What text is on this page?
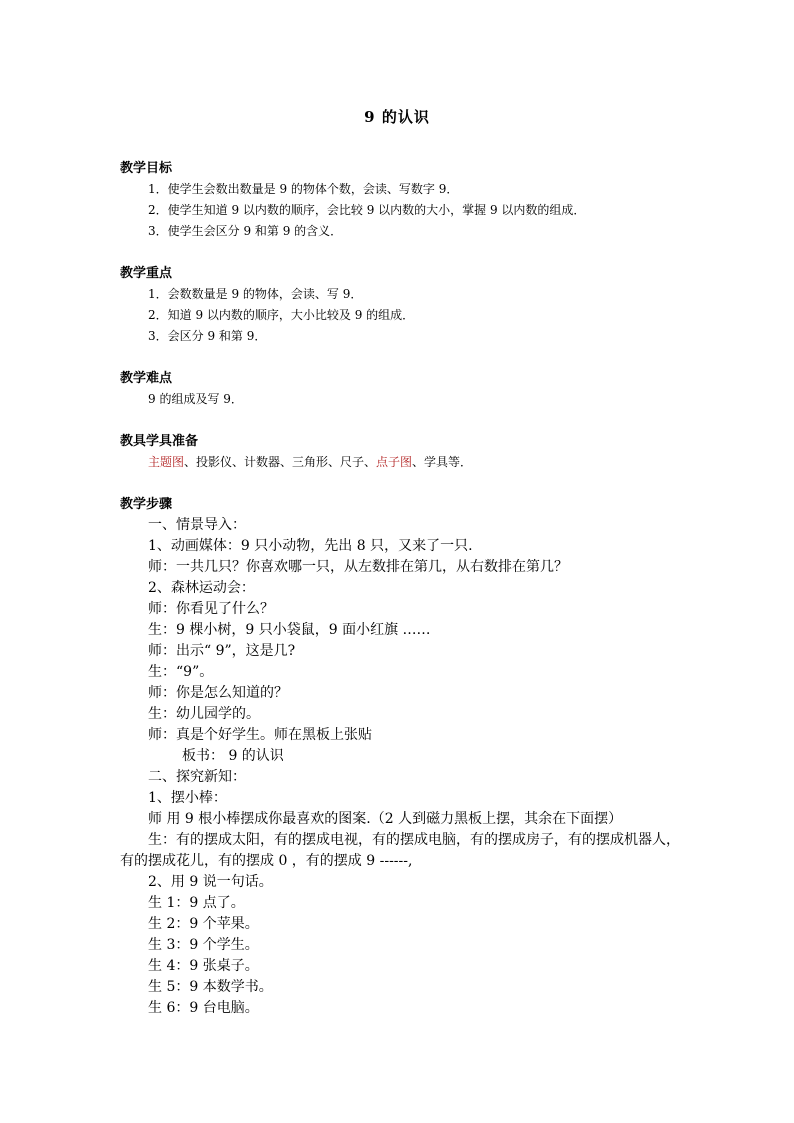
9 的认识
教学目标
1．使学生会数出数量是 9 的物体个数，会读、写数字 9．
2．使学生知道 9 以内数的顺序，会比较 9 以内数的大小，掌握 9 以内数的组成．
3．使学生会区分 9 和第 9 的含义．
教学重点
1．会数数量是 9 的物体，会读、写 9．
2．知道 9 以内数的顺序，大小比较及 9 的组成．
3．会区分 9 和第 9．
教学难点
9 的组成及写 9．
教具学具准备
主题图、投影仪、计数器、三角形、尺子、点子图、学具等．
教学步骤
一、情景导入：
1、动画媒体：9 只小动物，先出 8 只，又来了一只.
师：一共几只？你喜欢哪一只，从左数排在第几，从右数排在第几？
2、森林运动会：
师：你看见了什么？
生：9 棵小树，9 只小袋鼠，9 面小红旗 ……
师：出示“ 9”，这是几?
生：“9”。
师：你是怎么知道的？
生：幼儿园学的。
师：真是个好学生。师在黑板上张贴
板书： 9 的认识
二、探究新知：
1、摆小棒：
师 用 9 根小棒摆成你最喜欢的图案.（2 人到磁力黑板上摆，其余在下面摆）
生：有的摆成太阳，有的摆成电视，有的摆成电脑，有的摆成房子，有的摆成机器人，有的摆成花儿，有的摆成 0 ，有的摆成 9 ------,
2、用 9 说一句话。
生 1：9 点了。
生 2：9 个苹果。
生 3：9 个学生。
生 4：9 张桌子。
生 5：9 本数学书。
生 6：9 台电脑。
